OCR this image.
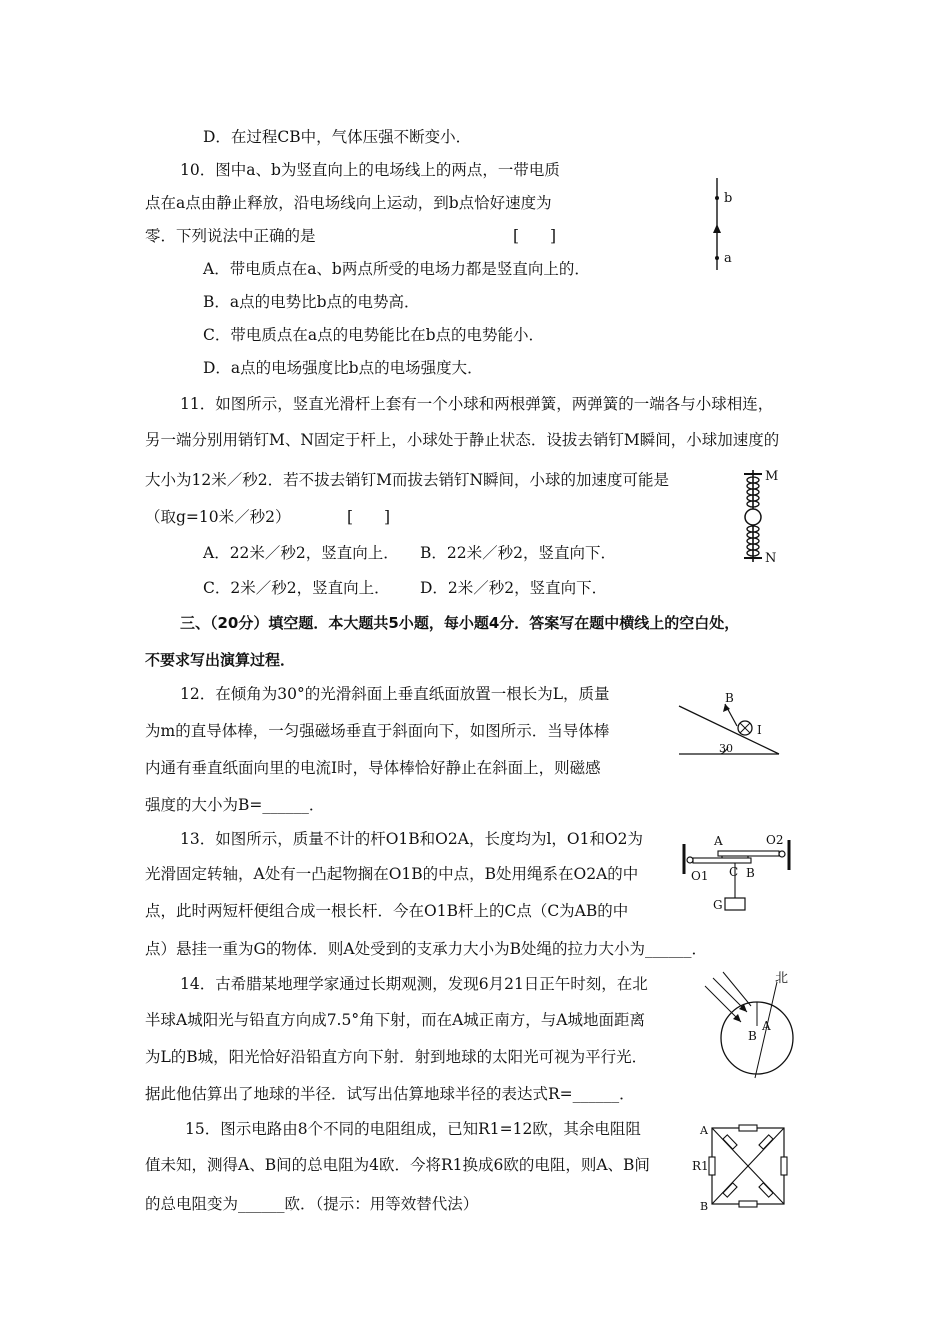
D．在过程CB中，气体压强不断变小．
10．图中a、b为竖直向上的电场线上的两点，一带电质
点在a点由静止释放，沿电场线向上运动，到b点恰好速度为
零．下列说法中正确的是	[　　]
A．带电质点在a、b两点所受的电场力都是竖直向上的．
B．a点的电势比b点的电势高．
C．带电质点在a点的电势能比在b点的电势能小．
D．a点的电场强度比b点的电场强度大．
b
a
11．如图所示，竖直光滑杆上套有一个小球和两根弹簧，两弹簧的一端各与小球相连，
另一端分别用销钉M、N固定于杆上，小球处于静止状态．设拔去销钉M瞬间，小球加速度的
大小为12米／秒2．若不拔去销钉M而拔去销钉N瞬间，小球的加速度可能是
（取g=10米／秒2）	[　　]
A．22米／秒2，竖直向上． B．22米／秒2，竖直向下．
C．2米／秒2，竖直向上． D．2米／秒2，竖直向下．
M
N
三、（20分）填空题．本大题共5小题，每小题4分．答案写在题中横线上的空白处，
不要求写出演算过程．
12．在倾角为30°的光滑斜面上垂直纸面放置一根长为L，质量
为m的直导体棒，一匀强磁场垂直于斜面向下，如图所示．当导体棒
内通有垂直纸面向里的电流I时，导体棒恰好静止在斜面上，则磁感
强度的大小为B=______．
B
I
30
13．如图所示，质量不计的杆O1B和O2A，长度均为l，O1和O2为
光滑固定转轴，A处有一凸起物搁在O1B的中点，B处用绳系在O2A的中
点，此时两短杆便组合成一根长杆．今在O1B杆上的C点（C为AB的中
点）悬挂一重为G的物体．则A处受到的支承力大小为B处绳的拉力大小为______．
A	O2
O1 C B
G
14．古希腊某地理学家通过长期观测，发现6月21日正午时刻，在北
半球A城阳光与铅直方向成7.5°角下射，而在A城正南方，与A城地面距离
为L的B城，阳光恰好沿铅直方向下射．射到地球的太阳光可视为平行光．
据此他估算出了地球的半径．试写出估算地球半径的表达式R=______．
北
A
B
15．图示电路由8个不同的电阻组成，已知R1=12欧，其余电阻阻
值未知，测得A、B间的总电阻为4欧．今将R1换成6欧的电阻，则A、B间
的总电阻变为______欧．（提示：用等效替代法）
A
B
R1
